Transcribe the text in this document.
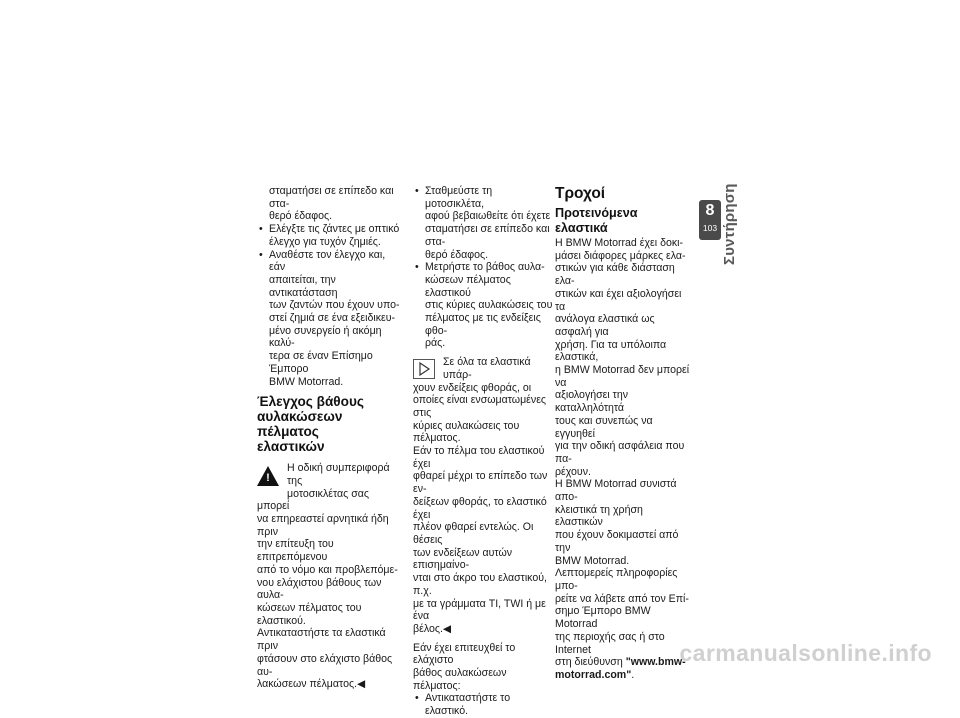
σταματήσει σε επίπεδο και στα-

θερό έδαφος.

• Ελέγξτε τις ζάντες με οπτικό

έλεγχο για τυχόν ζημιές.

• Αναθέστε τον έλεγχο και, εάν

απαιτείται, την αντικατάσταση

των ζαντών που έχουν υπο-

στεί ζημιά σε ένα εξειδικευ-

μένο συνεργείο ή ακόμη καλύ-

τερα σε έναν Επίσημο Έμπορο

BMW Motorrad.

Έλεγχος βάθους
αυλακώσεων πέλματος
ελαστικών
!

Η οδική συμπεριφορά της

μοτοσικλέτας σας μπορεί

να επηρεαστεί αρνητικά ήδη πριν

την επίτευξη του επιτρεπόμενου

από το νόμο και προβλεπόμε-

νου ελάχιστου βάθους των αυλα-

κώσεων πέλματος του ελαστικού.

Αντικαταστήστε τα ελαστικά πριν

φτάσουν στο ελάχιστο βάθος αυ-

λακώσεων πέλματος.◀

• Σταθμεύστε τη μοτοσικλέτα,

αφού βεβαιωθείτε ότι έχετε

σταματήσει σε επίπεδο και στα-

θερό έδαφος.

• Μετρήστε το βάθος αυλα-

κώσεων πέλματος ελαστικού

στις κύριες αυλακώσεις του

πέλματος με τις ενδείξεις φθο-

ράς.

Σε όλα τα ελαστικά υπάρ-

χουν ενδείξεις φθοράς, οι

οποίες είναι ενσωματωμένες στις

κύριες αυλακώσεις του πέλματος.

Εάν το πέλμα του ελαστικού έχει

φθαρεί μέχρι το επίπεδο των εν-

δείξεων φθοράς, το ελαστικό έχει

πλέον φθαρεί εντελώς. Οι θέσεις

των ενδείξεων αυτών επισημαίνο-

νται στο άκρο του ελαστικού, π.χ.

με τα γράμματα TI, TWI ή με ένα

βέλος.◀

Εάν έχει επιτευχθεί το ελάχιστο

βάθος αυλακώσεων πέλματος:

• Αντικαταστήστε το ελαστικό.

Τροχοί
Προτεινόμενα ελαστικά

Η BMW Motorrad έχει δοκι-

μάσει διάφορες μάρκες ελα-

στικών για κάθε διάσταση ελα-

στικών και έχει αξιολογήσει τα

ανάλογα ελαστικά ως ασφαλή για

χρήση. Για τα υπόλοιπα ελαστικά,

η BMW Motorrad δεν μπορεί να

αξιολογήσει την καταλληλότητά

τους και συνεπώς να εγγυηθεί

για την οδική ασφάλεια που πα-

ρέχουν.

Η BMW Motorrad συνιστά απο-

κλειστικά τη χρήση ελαστικών

που έχουν δοκιμαστεί από την

BMW Motorrad.

Λεπτομερείς πληροφορίες μπο-

ρείτε να λάβετε από τον Επί-

σημο Έμπορο BMW Motorrad

της περιοχής σας ή στο Internet

στη διεύθυνση "www.bmw-

motorrad.com".

8
103 Συντήρηση
carmanualsonline.info
